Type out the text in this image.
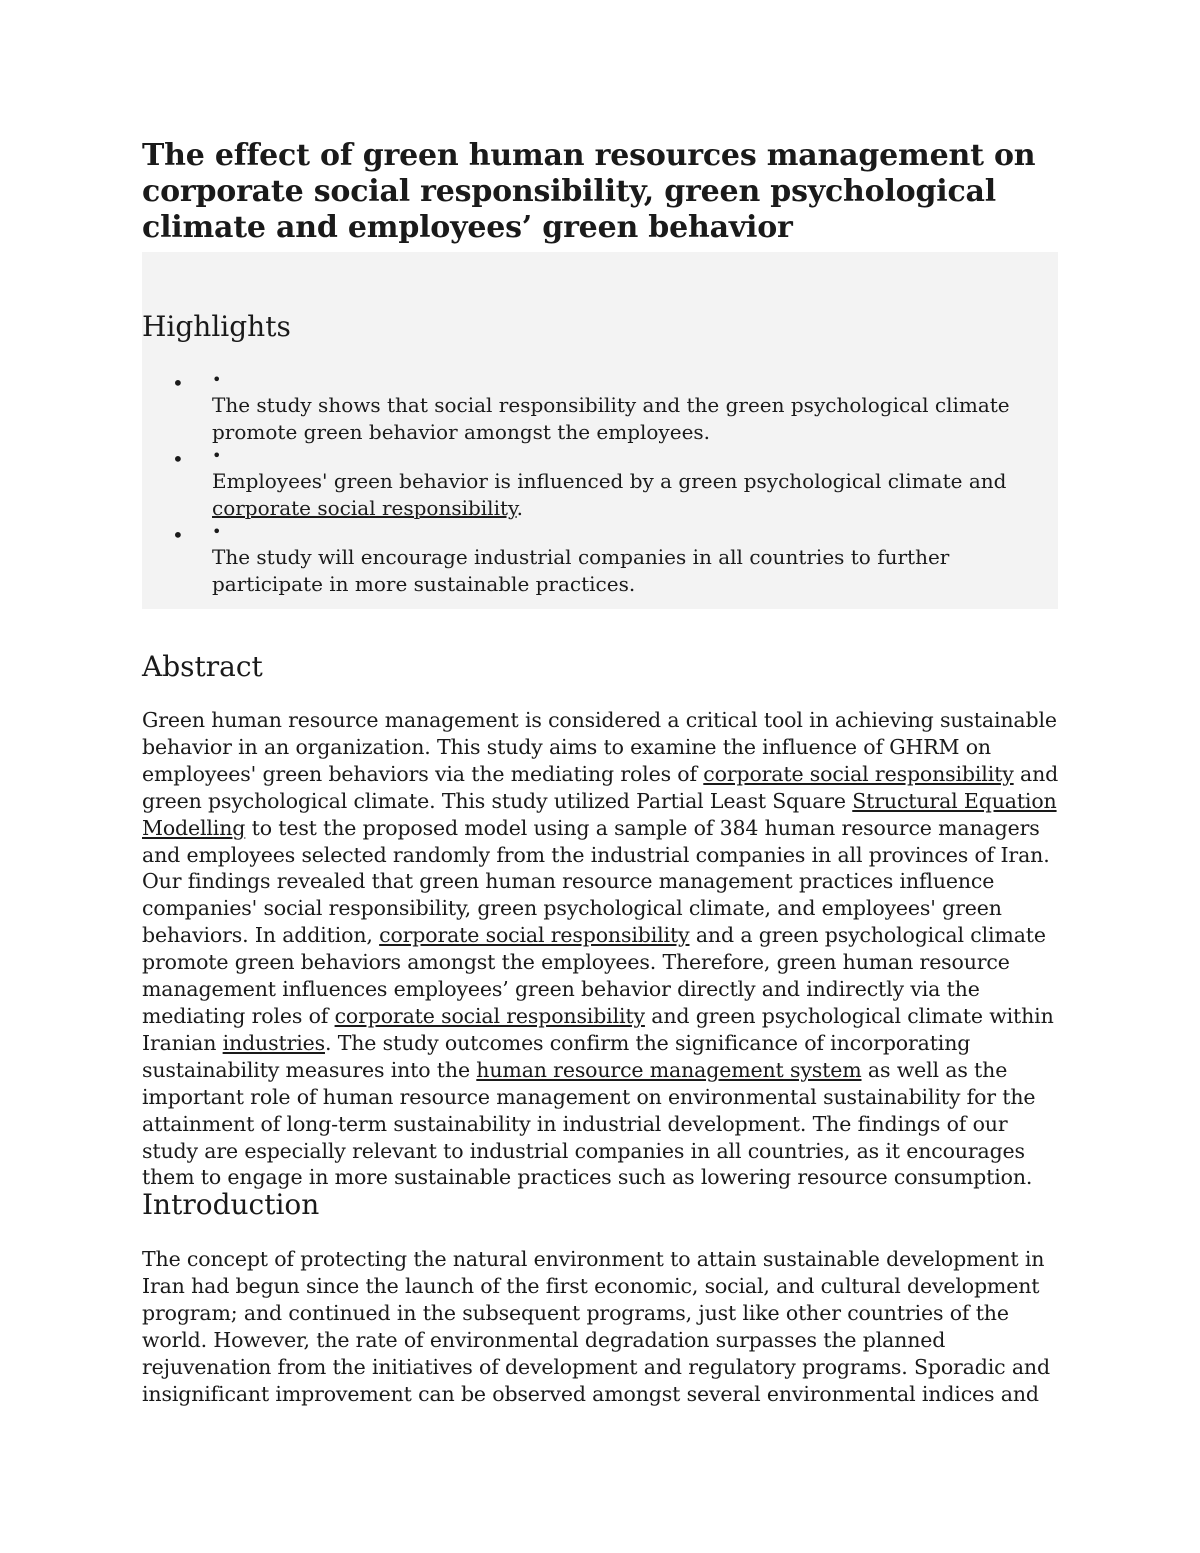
The effect of green human resources management on corporate social responsibility, green psychological climate and employees’ green behavior
Highlights
• •
The study shows that social responsibility and the green psychological climate promote green behavior amongst the employees.
• •
Employees' green behavior is influenced by a green psychological climate and corporate social responsibility.
• •
The study will encourage industrial companies in all countries to further participate in more sustainable practices.
Abstract

Green human resource management is considered a critical tool in achieving sustainable behavior in an organization. This study aims to examine the influence of GHRM on employees' green behaviors via the mediating roles of corporate social responsibility and green psychological climate. This study utilized Partial Least Square Structural Equation Modelling to test the proposed model using a sample of 384 human resource managers and employees selected randomly from the industrial companies in all provinces of Iran. Our findings revealed that green human resource management practices influence companies' social responsibility, green psychological climate, and employees' green behaviors. In addition, corporate social responsibility and a green psychological climate promote green behaviors amongst the employees. Therefore, green human resource management influences employees’ green behavior directly and indirectly via the mediating roles of corporate social responsibility and green psychological climate within Iranian industries. The study outcomes confirm the significance of incorporating sustainability measures into the human resource management system as well as the important role of human resource management on environmental sustainability for the attainment of long-term sustainability in industrial development. The findings of our study are especially relevant to industrial companies in all countries, as it encourages them to engage in more sustainable practices such as lowering resource consumption.

Introduction

The concept of protecting the natural environment to attain sustainable development in Iran had begun since the launch of the first economic, social, and cultural development program; and continued in the subsequent programs, just like other countries of the world. However, the rate of environmental degradation surpasses the planned rejuvenation from the initiatives of development and regulatory programs. Sporadic and insignificant improvement can be observed amongst several environmental indices and
